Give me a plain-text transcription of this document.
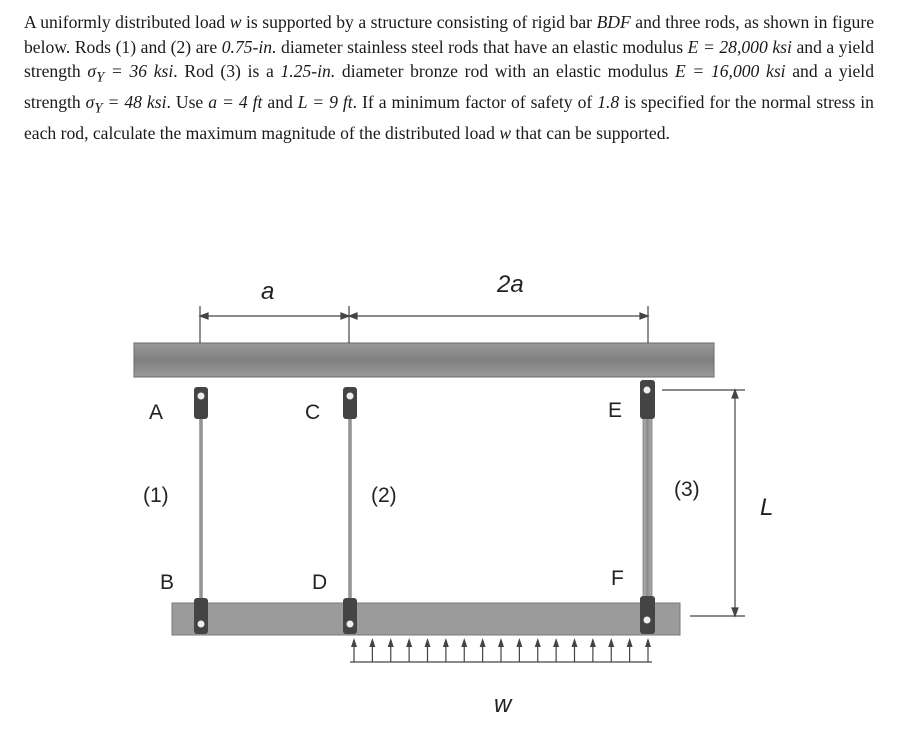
A uniformly distributed load w is supported by a structure consisting of rigid bar BDF and three rods, as shown in figure below. Rods (1) and (2) are 0.75-in. diameter stainless steel rods that have an elastic modulus E = 28,000 ksi and a yield strength $\sigma_Y = 36$ ksi. Rod (3) is a 1.25-in. diameter bronze rod with an elastic modulus E = 16,000 ksi and a yield strength $\sigma_Y = 48$ ksi. Use a = 4 ft and L = 9 ft. If a minimum factor of safety of 1.8 is specified for the normal stress in each rod, calculate the maximum magnitude of the distributed load w that can be supported.

A	C	E
B	D	F
(1)	(2)	(3)
a	2a
L
w
